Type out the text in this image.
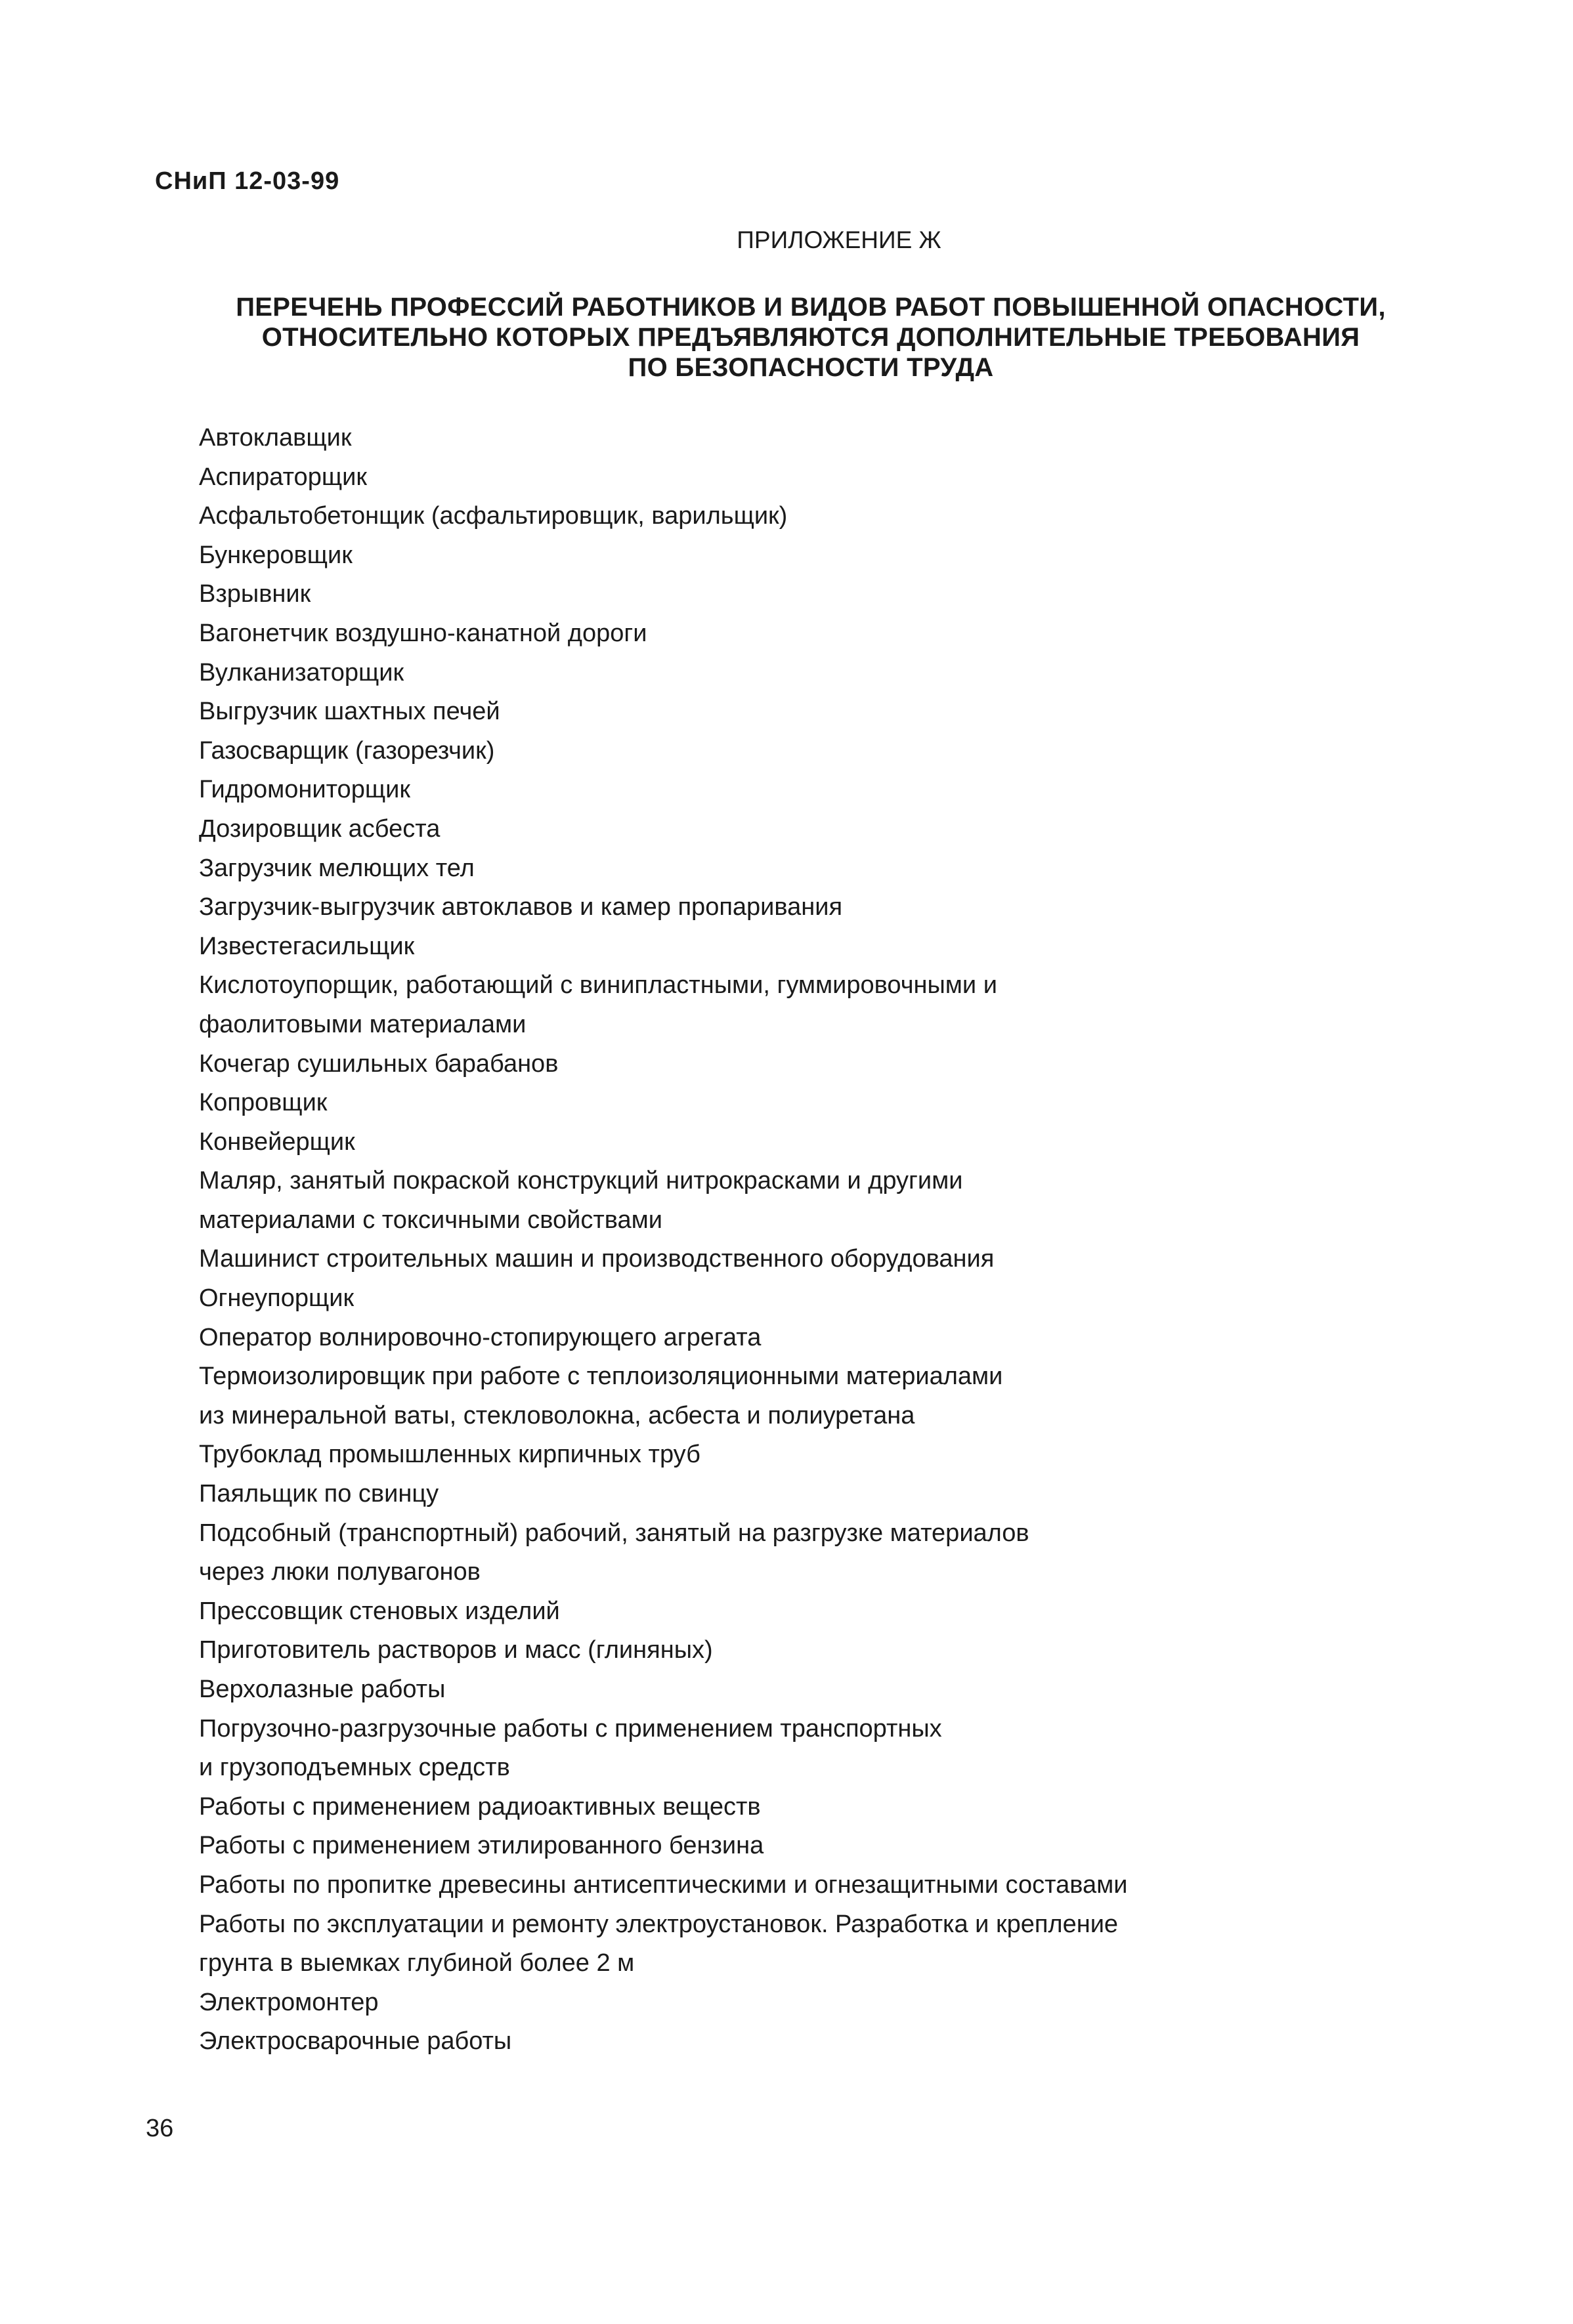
СНиП 12-03-99
ПРИЛОЖЕНИЕ Ж
ПЕРЕЧЕНЬ ПРОФЕССИЙ РАБОТНИКОВ И ВИДОВ РАБОТ ПОВЫШЕННОЙ ОПАСНОСТИ,
ОТНОСИТЕЛЬНО КОТОРЫХ ПРЕДЪЯВЛЯЮТСЯ ДОПОЛНИТЕЛЬНЫЕ ТРЕБОВАНИЯ
ПО БЕЗОПАСНОСТИ ТРУДА
Автоклавщик
Аспираторщик
Асфальтобетонщик (асфальтировщик, варильщик)
Бункеровщик
Взрывник
Вагонетчик воздушно-канатной дороги
Вулканизаторщик
Выгрузчик шахтных печей
Газосварщик (газорезчик)
Гидромониторщик
Дозировщик асбеста
Загрузчик мелющих тел
Загрузчик-выгрузчик автоклавов и камер пропаривания
Известегасильщик
Кислотоупорщик, работающий с винипластными, гуммировочными и
фаолитовыми материалами
Кочегар сушильных барабанов
Копровщик
Конвейерщик
Маляр, занятый покраской конструкций нитрокрасками и другими
материалами с токсичными свойствами
Машинист строительных машин и производственного оборудования
Огнеупорщик
Оператор волнировочно-стопирующего агрегата
Термоизолировщик при работе с теплоизоляционными материалами
из минеральной ваты, стекловолокна, асбеста и полиуретана
Трубоклад промышленных кирпичных труб
Паяльщик по свинцу
Подсобный (транспортный) рабочий, занятый на разгрузке материалов
через люки полувагонов
Прессовщик стеновых изделий
Приготовитель растворов и масс (глиняных)
Верхолазные работы
Погрузочно-разгрузочные работы с применением транспортных
и грузоподъемных средств
Работы с применением радиоактивных веществ
Работы с применением этилированного бензина
Работы по пропитке древесины антисептическими и огнезащитными составами
Работы по эксплуатации и ремонту электроустановок. Разработка и крепление
грунта в выемках глубиной более 2 м
Электромонтер
Электросварочные работы
36
